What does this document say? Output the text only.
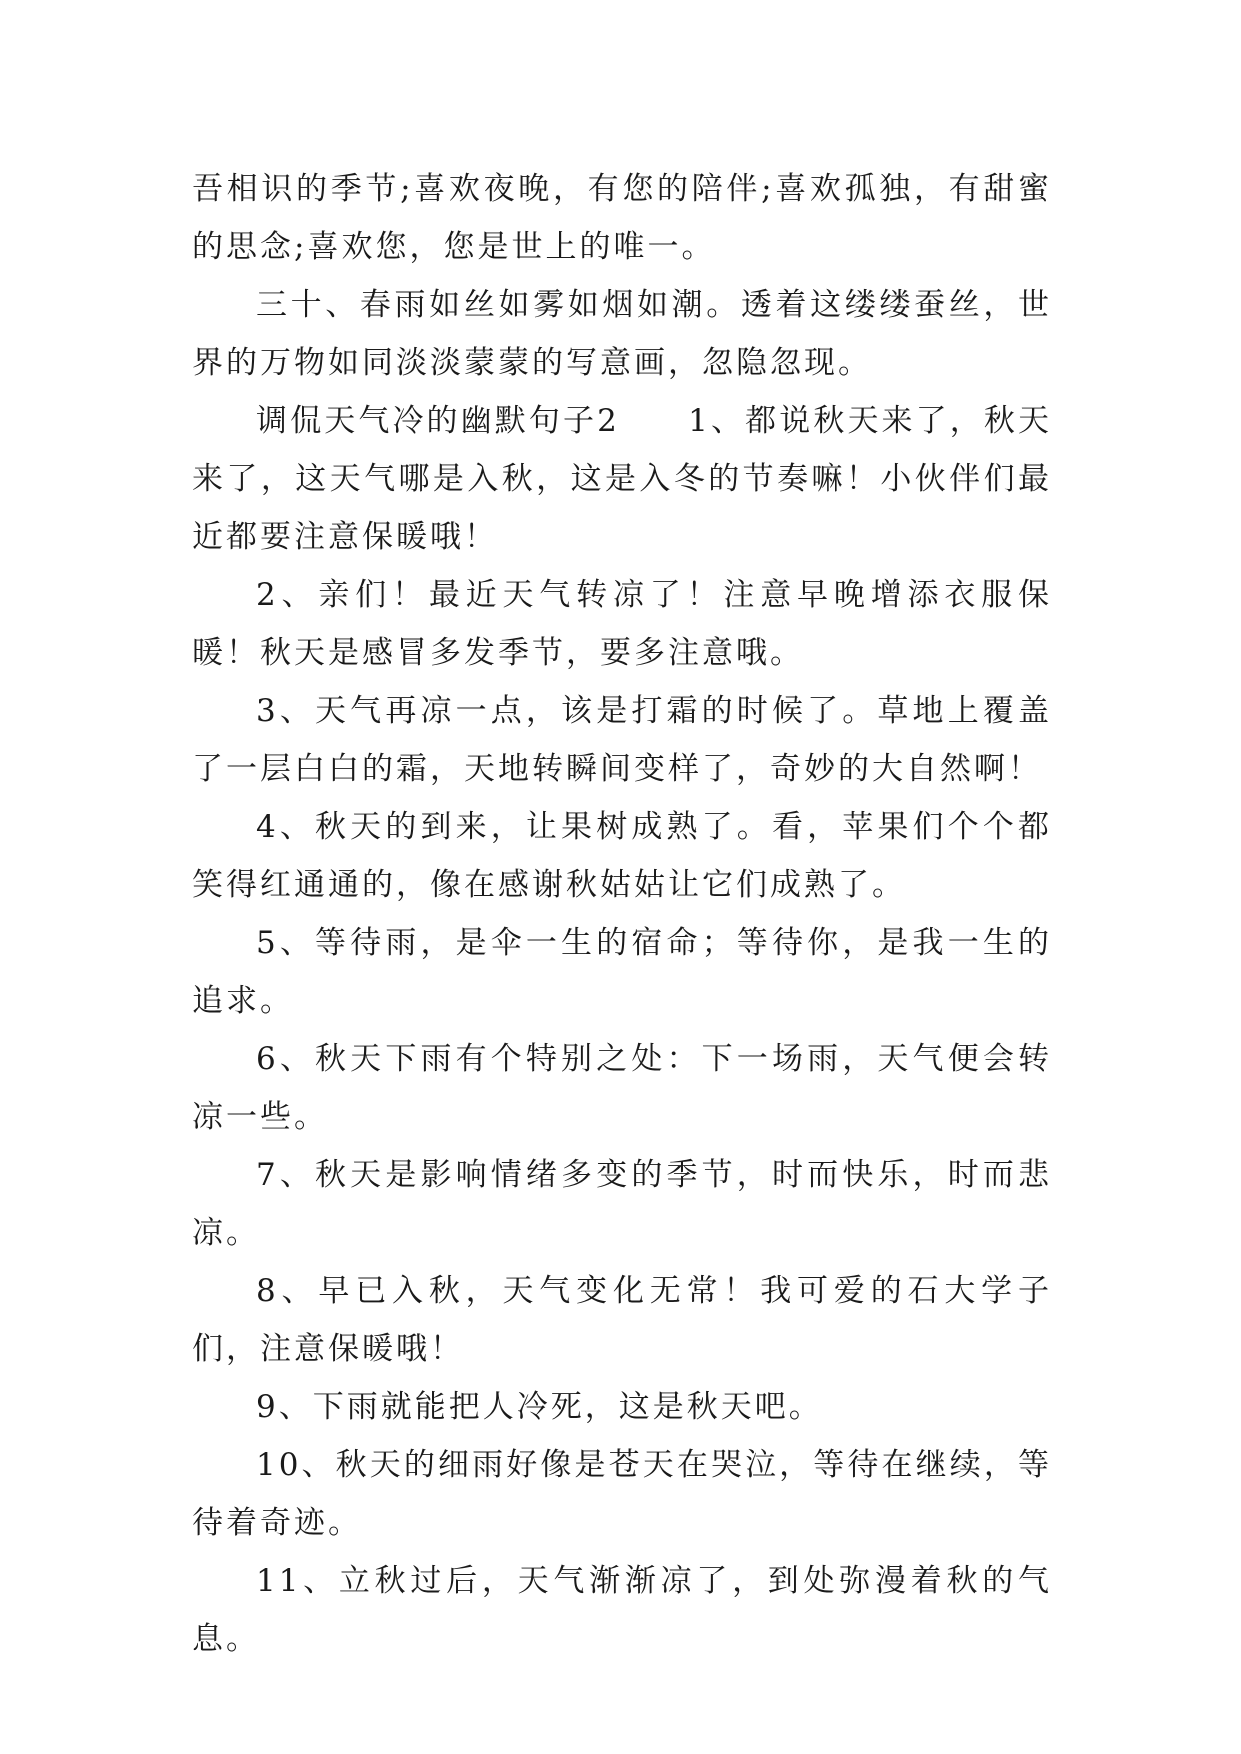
吾相识的季节;喜欢夜晚，有您的陪伴;喜欢孤独，有甜蜜的思念;喜欢您，您是世上的唯一。

三十、春雨如丝如雾如烟如潮。透着这缕缕蚕丝，世界的万物如同淡淡蒙蒙的写意画，忽隐忽现。

调侃天气冷的幽默句子2　　1、都说秋天来了，秋天来了，这天气哪是入秋，这是入冬的节奏嘛！小伙伴们最近都要注意保暖哦！

2、亲们！最近天气转凉了！注意早晚增添衣服保暖！秋天是感冒多发季节，要多注意哦。

3、天气再凉一点，该是打霜的时候了。草地上覆盖了一层白白的霜，天地转瞬间变样了，奇妙的大自然啊！

4、秋天的到来，让果树成熟了。看，苹果们个个都笑得红通通的，像在感谢秋姑姑让它们成熟了。

5、等待雨，是伞一生的宿命；等待你，是我一生的追求。

6、秋天下雨有个特别之处：下一场雨，天气便会转凉一些。

7、秋天是影响情绪多变的季节，时而快乐，时而悲凉。

8、早已入秋，天气变化无常！我可爱的石大学子们，注意保暖哦！

9、下雨就能把人冷死，这是秋天吧。

10、秋天的细雨好像是苍天在哭泣，等待在继续，等待着奇迹。

11、立秋过后，天气渐渐凉了，到处弥漫着秋的气息。
